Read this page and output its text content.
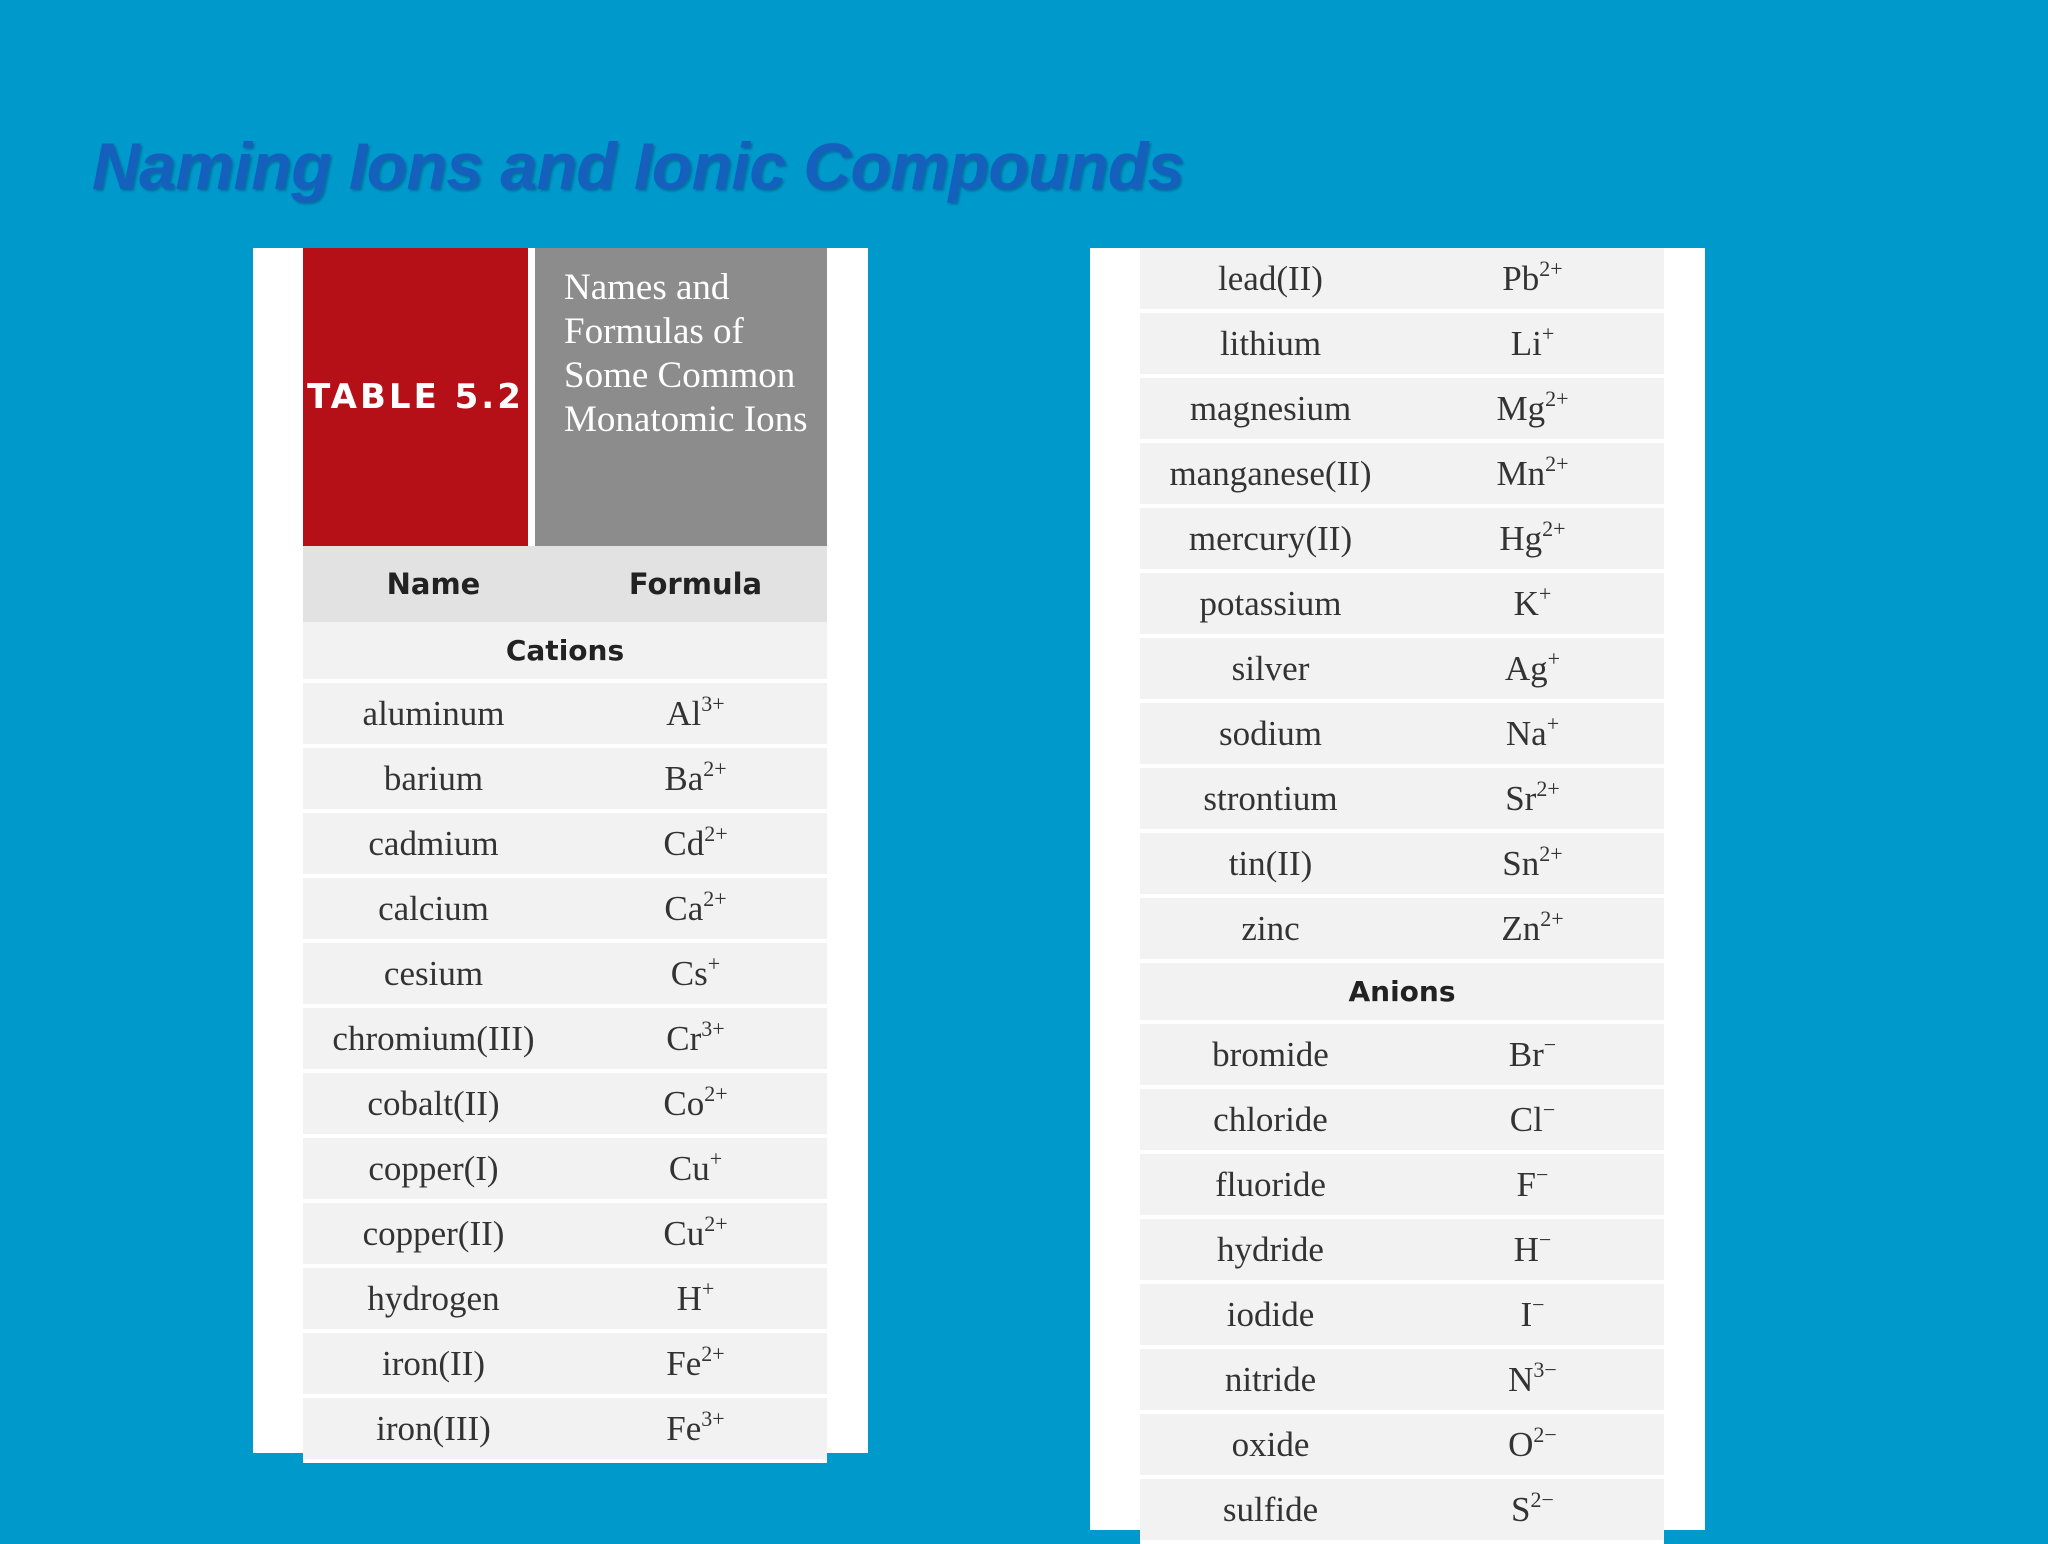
Naming Ions and Ionic Compounds
TABLE 5.2
Names and Formulas of Some Common Monatomic Ions
Name	Formula
Cations
aluminum	$Al^{3+}$
barium	$Ba^{2+}$
cadmium	$Cd^{2+}$
calcium	$Ca^{2+}$
cesium	Cs+
chromium(III)	$Cr^{3+}$
cobalt(II)	$Co^{2+}$
copper(I)	Cu+
copper(II)	$Cu^{2+}$
hydrogen	H+
iron(II)	$Fe^{2+}$
iron(III)	$Fe^{3+}$
lead(II)	$Pb^{2+}$
lithium	Li+
magnesium	$Mg^{2+}$
manganese(II)	$Mn^{2+}$
mercury(II)	$Hg^{2+}$
potassium	K+
silver	Ag+
sodium	Na+
strontium	$Sr^{2+}$
tin(II)	$Sn^{2+}$
zinc	$Zn^{2+}$
Anions
bromide	Br−
chloride	Cl−
fluoride	F−
hydride	H−
iodide	I−
nitride	$N^{3-}$
oxide	$O^{2-}$
sulfide	$S^{2-}$
